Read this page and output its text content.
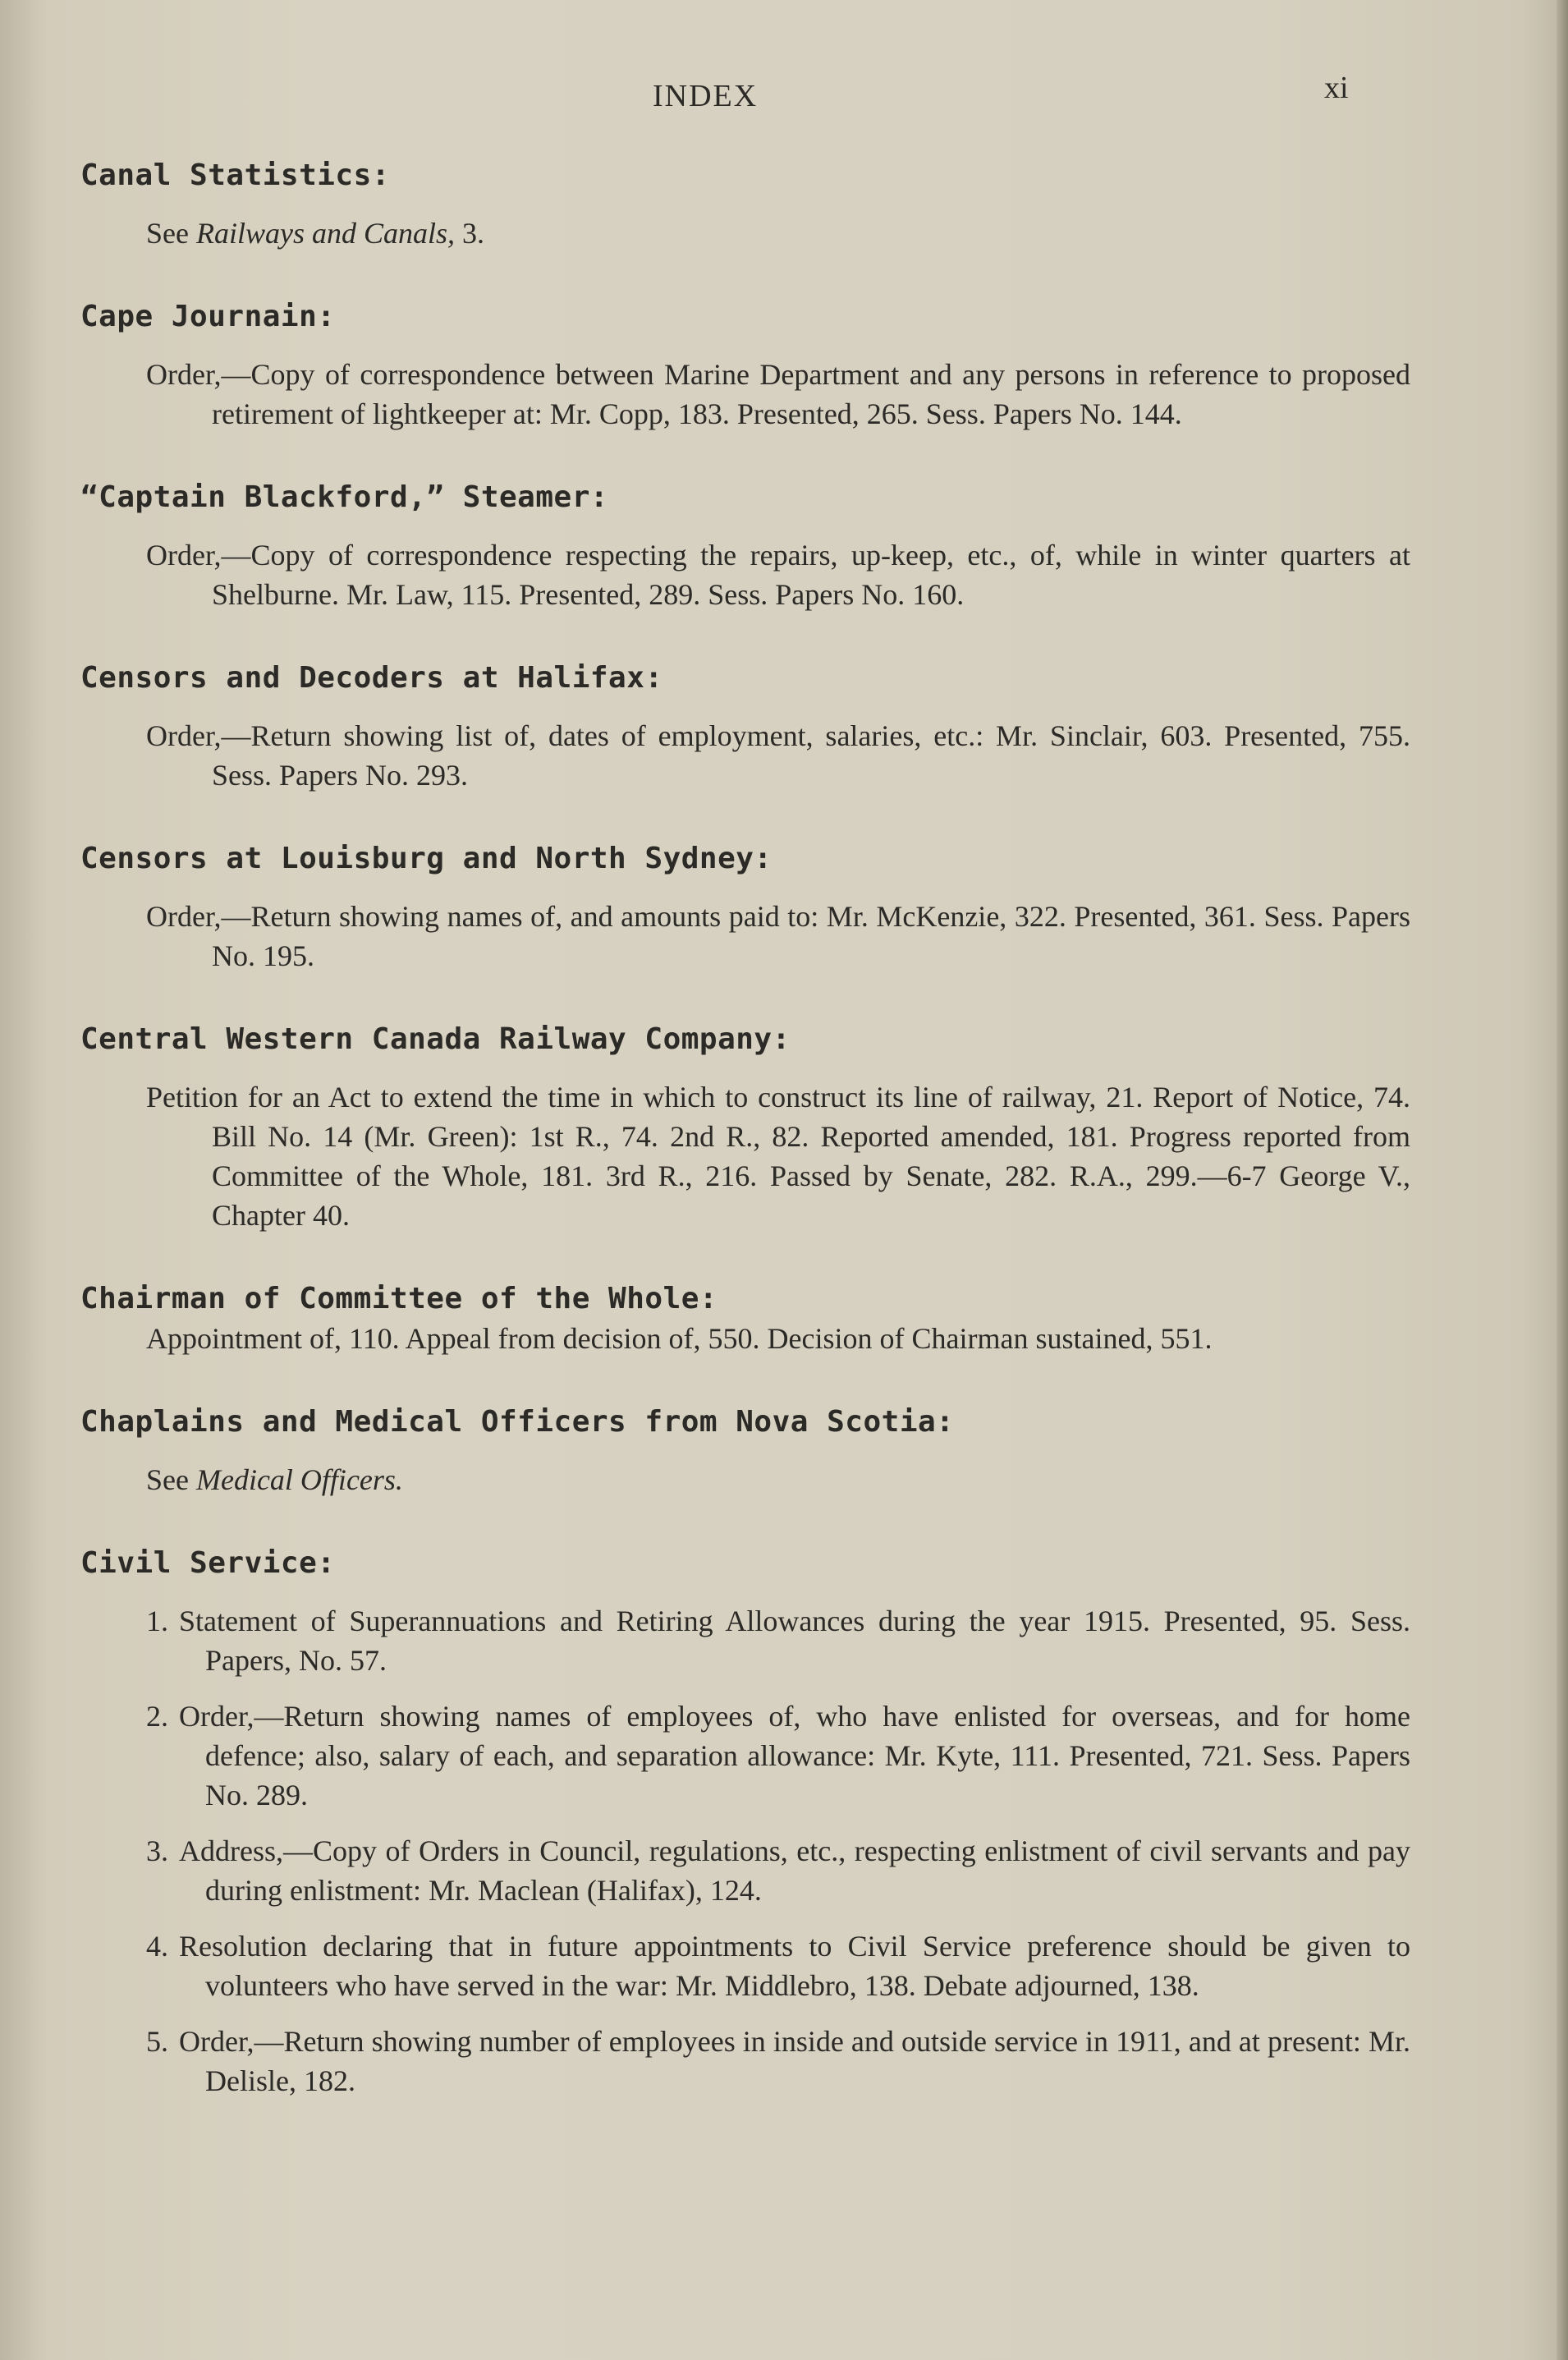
INDEX	xi
Canal Statistics:
See Railways and Canals, 3.
Cape Journain:
Order,—Copy of correspondence between Marine Department and any persons in reference to proposed retirement of lightkeeper at: Mr. Copp, 183. Presented, 265. Sess. Papers No. 144.
“Captain Blackford,” Steamer:
Order,—Copy of correspondence respecting the repairs, up-keep, etc., of, while in winter quarters at Shelburne. Mr. Law, 115. Presented, 289. Sess. Papers No. 160.
Censors and Decoders at Halifax:
Order,—Return showing list of, dates of employment, salaries, etc.: Mr. Sinclair, 603. Presented, 755. Sess. Papers No. 293.
Censors at Louisburg and North Sydney:
Order,—Return showing names of, and amounts paid to: Mr. McKenzie, 322. Presented, 361. Sess. Papers No. 195.
Central Western Canada Railway Company:
Petition for an Act to extend the time in which to construct its line of railway, 21. Report of Notice, 74. Bill No. 14 (Mr. Green): 1st R., 74. 2nd R., 82. Reported amended, 181. Progress reported from Committee of the Whole, 181. 3rd R., 216. Passed by Senate, 282. R.A., 299.—6-7 George V., Chapter 40.
Chairman of Committee of the Whole:
Appointment of, 110. Appeal from decision of, 550. Decision of Chairman sustained, 551.
Chaplains and Medical Officers from Nova Scotia:
See Medical Officers.
Civil Service:
1. Statement of Superannuations and Retiring Allowances during the year 1915. Presented, 95. Sess. Papers, No. 57.
2. Order,—Return showing names of employees of, who have enlisted for overseas, and for home defence; also, salary of each, and separation allowance: Mr. Kyte, 111. Presented, 721. Sess. Papers No. 289.
3. Address,—Copy of Orders in Council, regulations, etc., respecting enlistment of civil servants and pay during enlistment: Mr. Maclean (Halifax), 124.
4. Resolution declaring that in future appointments to Civil Service preference should be given to volunteers who have served in the war: Mr. Middlebro, 138. Debate adjourned, 138.
5. Order,—Return showing number of employees in inside and outside service in 1911, and at present: Mr. Delisle, 182.
